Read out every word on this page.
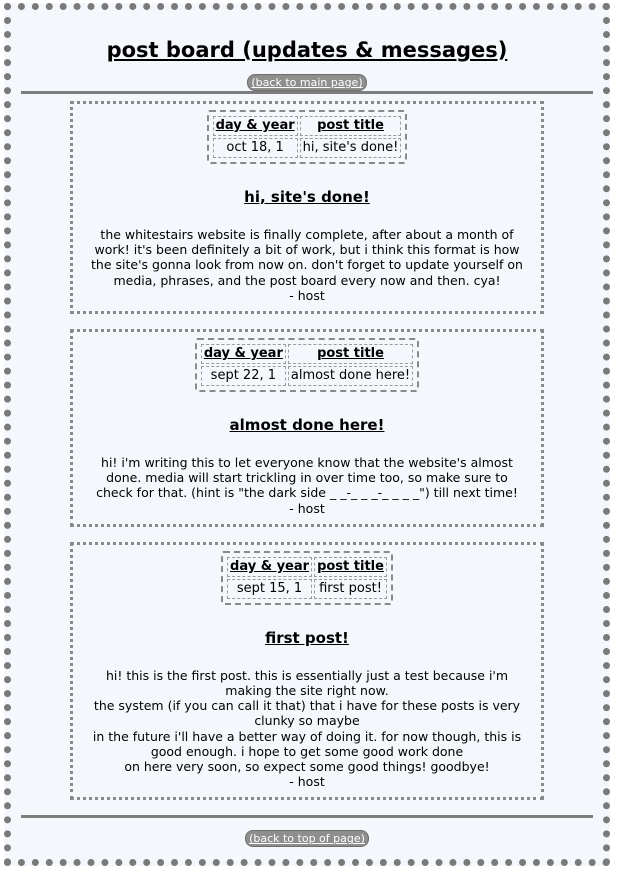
post board (updates & messages)
(back to main page)
day & year	post title
oct 18, 1	hi, site's done!
hi, site's done!

the whitestairs website is finally complete, after about a month of work! it's been definitely a bit of work, but i think this format is how the site's gonna look from now on. don't forget to update yourself on media, phrases, and the post board every now and then. cya!

- host

day & year	post title
sept 22, 1	almost done here!
almost done here!

hi! i'm writing this to let everyone know that the website's almost done. media will start trickling in over time too, so make sure to check for that. (hint is "the dark side _ _-_ _ _-_ _ _ _") till next time!

- host

day & year	post title
sept 15, 1	first post!
first post!

hi! this is the first post. this is essentially just a test because i'm making the site right now.

the system (if you can call it that) that i have for these posts is very clunky so maybe

in the future i'll have a better way of doing it. for now though, this is good enough. i hope to get some good work done

on here very soon, so expect some good things! goodbye!

- host

(back to top of page)
